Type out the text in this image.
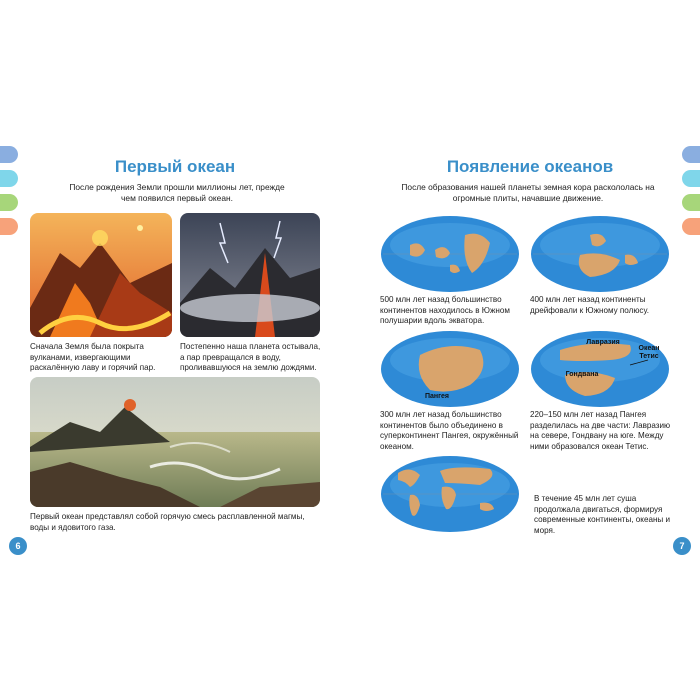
Первый океан
После рождения Земли прошли миллионы лет, прежде чем появился первый океан.
Сначала Земля была покрыта вулканами, извергающими раскалённую лаву и горячий пар.
Постепенно наша планета остывала, а пар превращался в воду, проливавшуюся на землю дождями.
Первый океан представлял собой горячую смесь расплавленной магмы, воды и ядовитого газа.
6
Появление океанов
После образования нашей планеты земная кора раскололась на огромные плиты, начавшие движение.
500 млн лет назад большинство континентов находилось в Южном полушарии вдоль экватора.
400 млн лет назад континенты дрейфовали к Южному полюсу.
Пангея
Лавразия
Гондвана
Океан Тетис
300 млн лет назад большинство континентов было объединено в суперконтинент Пангея, окружённый океаном.
220–150 млн лет назад Пангея разделилась на две части: Лавразию на севере, Гондвану на юге. Между ними образовался океан Тетис.
В течение 45 млн лет суша продолжала двигаться, формируя современные континенты, океаны и моря.
7
